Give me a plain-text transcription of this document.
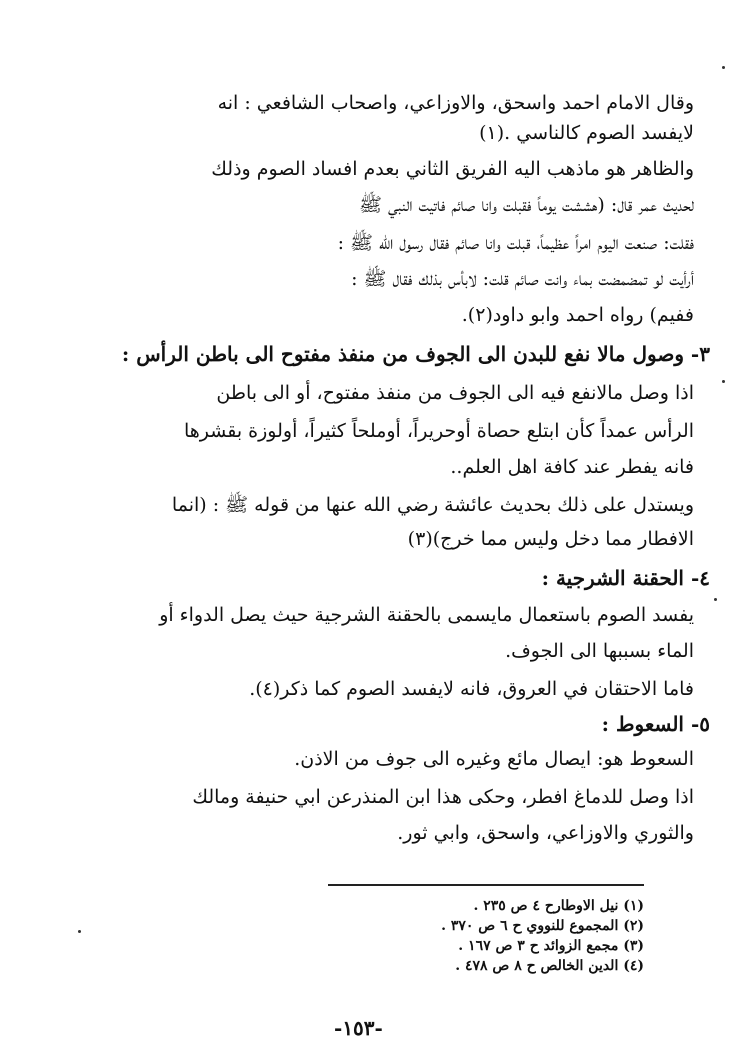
وقال الامام احمد واسحق، والاوزاعي، واصحاب الشافعي : انه
لايفسد الصوم كالناسي .(١)
والظاهر هو ماذهب اليه الفريق الثاني بعدم افساد الصوم وذلك
لحديث عمر قال: (هششت يوماً فقبلت وانا صائم فاتيت النبي ﷺ
فقلت: صنعت اليوم امراً عظيماً، قبلت وانا صائم فقال رسول الله ﷺ :
أرأيت لو تمضمضت بماء وانت صائم قلت: لابأس بذلك فقال ﷺ :
ففيم) رواه احمد وابو داود(٢).
٣- وصول مالا نفع للبدن الى الجوف من منفذ مفتوح الى باطن الرأس :
اذا وصل مالانفع فيه الى الجوف من منفذ مفتوح، أو الى باطن
الرأس عمداً كأن ابتلع حصاة أوحريراً، أوملحاً كثيراً، أولوزة بقشرها
فانه يفطر عند كافة اهل العلم..
ويستدل على ذلك بحديث عائشة رضي الله عنها من قوله ﷺ : (انما
الافطار مما دخل وليس مما خرج)(٣)
٤- الحقنة الشرجية :
يفسد الصوم باستعمال مايسمى بالحقنة الشرجية حيث يصل الدواء أو
الماء بسببها الى الجوف.
فاما الاحتقان في العروق، فانه لايفسد الصوم كما ذكر(٤).
٥- السعوط :
السعوط هو: ايصال مائع وغيره الى جوف من الاذن.
اذا وصل للدماغ افطر، وحكى هذا ابن المنذرعن ابي حنيفة ومالك
والثوري والاوزاعي، واسحق، وابي ثور.
(١) نيل الاوطارح ٤ ص ٢٣٥ .
(٢) المجموع للنووي ح ٦ ص ٣٧٠ .
(٣) مجمع الزوائد ح ٣ ص ١٦٧ .
(٤) الدين الخالص ح ٨ ص ٤٧٨ .
-١٥٣-
